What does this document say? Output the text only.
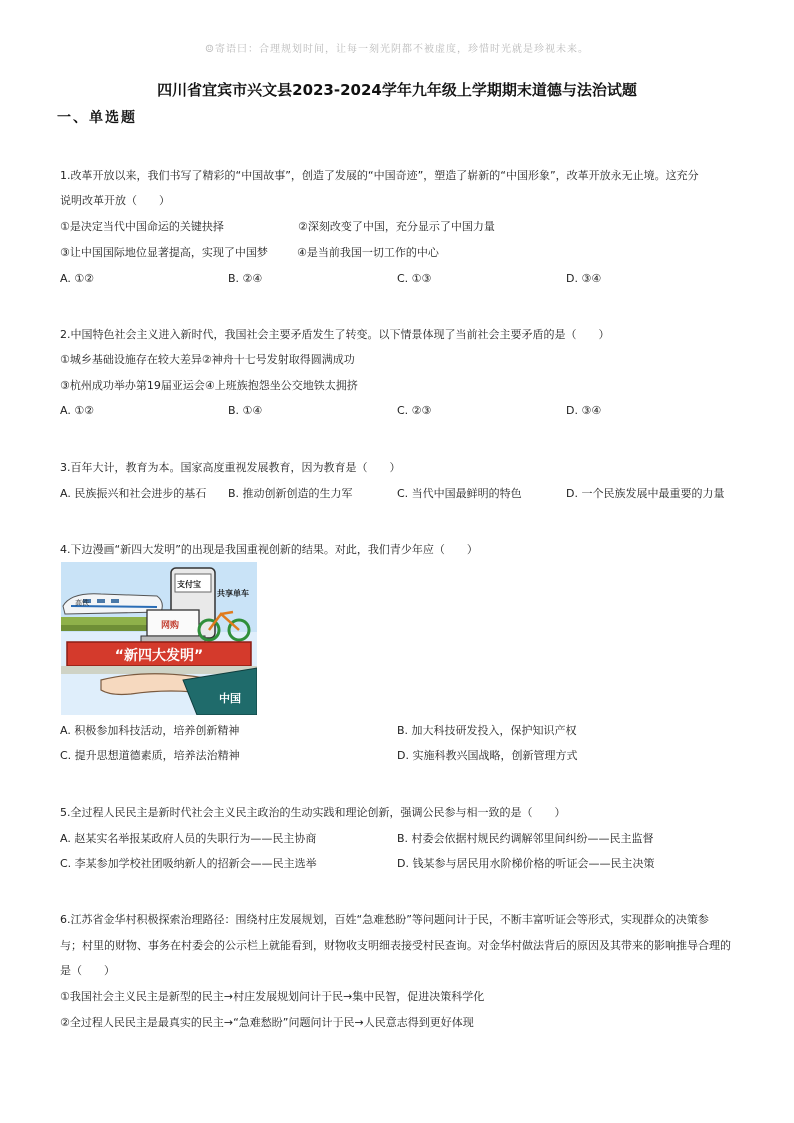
☺寄语曰：合理规划时间，让每一刻光阴都不被虚度，珍惜时光就是珍视未来。
四川省宜宾市兴文县2023-2024学年九年级上学期期末道德与法治试题
一、单选题
1.改革开放以来，我们书写了精彩的“中国故事”，创造了发展的“中国奇迹”，塑造了崭新的“中国形象”，改革开放永无止境。这充分
说明改革开放（　　）
①是决定当代中国命运的关键抉择	②深刻改变了中国，充分显示了中国力量
③让中国国际地位显著提高，实现了中国梦	④是当前我国一切工作的中心
A. ①②	B. ②④	C. ①③	D. ③④
2.中国特色社会主义进入新时代，我国社会主要矛盾发生了转变。以下情景体现了当前社会主要矛盾的是（　　）
①城乡基础设施存在较大差异②神舟十七号发射取得圆满成功
③杭州成功举办第19届亚运会④上班族抱怨坐公交地铁太拥挤
A. ①②	B. ①④	C. ②③	D. ③④
3.百年大计，教育为本。国家高度重视发展教育，因为教育是（　　）
A. 民族振兴和社会进步的基石 B. 推动创新创造的生力军	C. 当代中国最鲜明的特色	D. 一个民族发展中最重要的力量
4.下边漫画“新四大发明”的出现是我国重视创新的结果。对此，我们青少年应（　　）
高铁
支付宝
共享单车
网购
“新四大发明”
中国
A. 积极参加科技活动，培养创新精神	B. 加大科技研发投入，保护知识产权
C. 提升思想道德素质，培养法治精神	D. 实施科教兴国战略，创新管理方式
5.全过程人民民主是新时代社会主义民主政治的生动实践和理论创新，强调公民参与相一致的是（　　）
A. 赵某实名举报某政府人员的失职行为——民主协商	B. 村委会依据村规民约调解邻里间纠纷——民主监督
C. 李某参加学校社团吸纳新人的招新会——民主选举	D. 钱某参与居民用水阶梯价格的听证会——民主决策
6.江苏省金华村积极探索治理路径：围绕村庄发展规划，百姓“急难愁盼”等问题问计于民，不断丰富听证会等形式，实现群众的决策参
与；村里的财物、事务在村委会的公示栏上就能看到，财物收支明细表接受村民查询。对金华村做法背后的原因及其带来的影响推导合理的
是（　　）
①我国社会主义民主是新型的民主→村庄发展规划问计于民→集中民智，促进决策科学化
②全过程人民民主是最真实的民主→“急难愁盼”问题问计于民→人民意志得到更好体现
